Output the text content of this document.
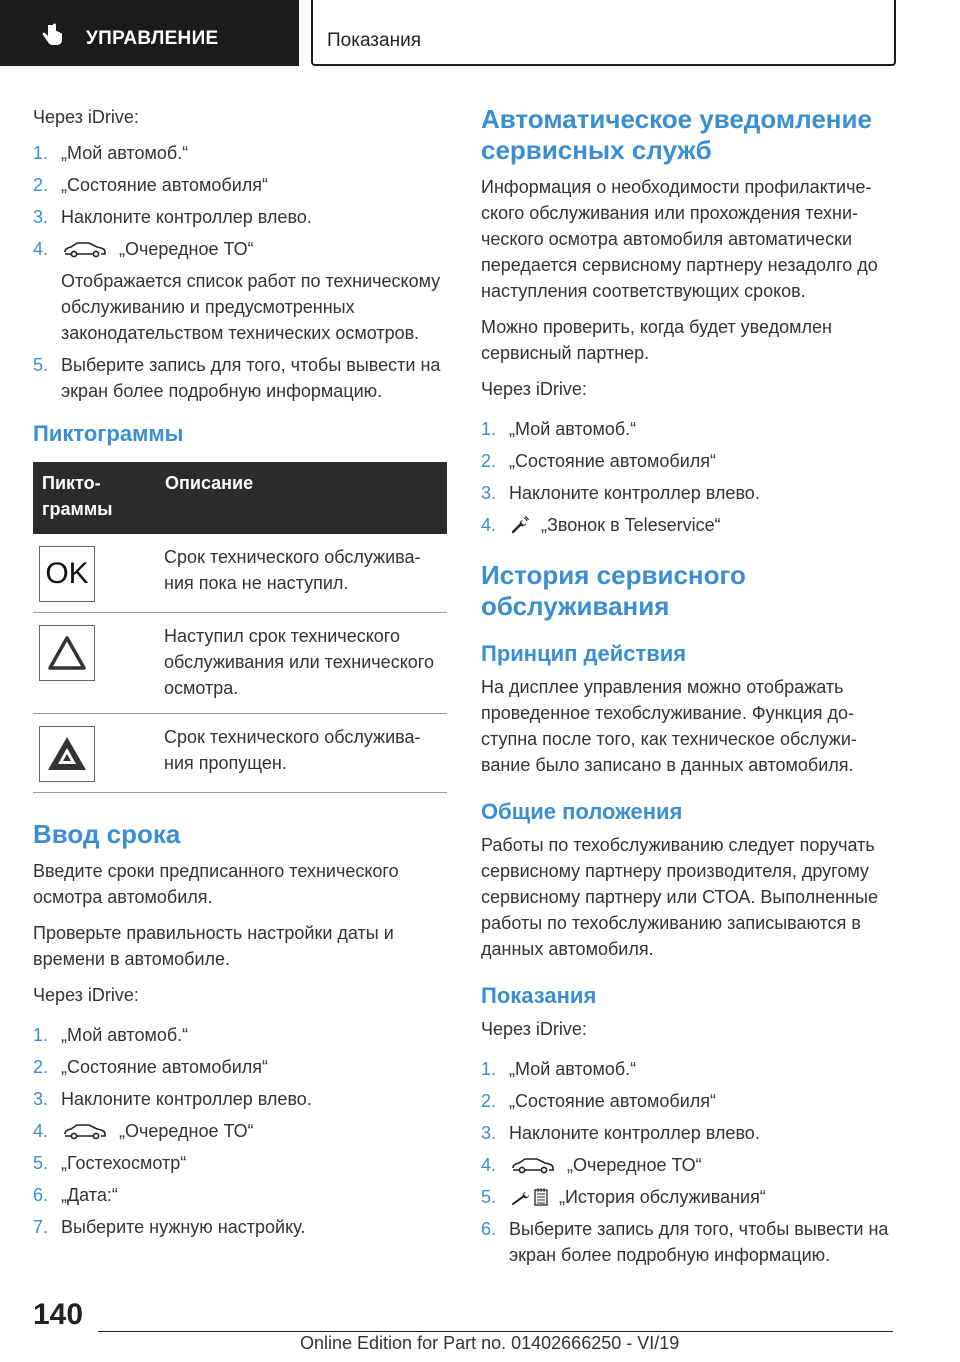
УПРАВЛЕНИЕ	Показания

Через iDrive:

1. „Мой автомоб.“
2. „Состояние автомобиля“
3. Наклоните контроллер влево.
4.	„Очередное ТО“
Отображается список работ по техническому обслуживанию и предусмотренных законодательством технических осмотров.
5. Выберите запись для того, чтобы вывести на экран более подробную информацию.
Пиктограммы
Пиктограммы	Описание

OK	Срок технического обслуживания пока не наступил.

	Наступил срок технического обслуживания или технического осмотра.

	Срок технического обслуживания пропущен.
Ввод срока

Введите сроки предписанного технического осмотра автомобиля.

Проверьте правильность настройки даты и времени в автомобиле.

Через iDrive:

1. „Мой автомоб.“
2. „Состояние автомобиля“
3. Наклоните контроллер влево.
4.	„Очередное ТО“
5. „Гостехосмотр“
6. „Дата:“
7. Выберите нужную настройку.
Автоматическое уведомление сервисных служб

Информация о необходимости профилактического обслуживания или прохождения технического осмотра автомобиля автоматически передается сервисному партнеру незадолго до наступления соответствующих сроков.

Можно проверить, когда будет уведомлен сервисный партнер.

Через iDrive:

1. „Мой автомоб.“
2. „Состояние автомобиля“
3. Наклоните контроллер влево.
4.	„Звонок в Teleservice“
История сервисного обслуживания
Принцип действия

На дисплее управления можно отображать проведенное техобслуживание. Функция доступна после того, как техническое обслуживание было записано в данных автомобиля.

Общие положения

Работы по техобслуживанию следует поручать сервисному партнеру производителя, другому сервисному партнеру или СТОА. Выполненные работы по техобслуживанию записываются в данных автомобиля.

Показания

Через iDrive:

1. „Мой автомоб.“
2. „Состояние автомобиля“
3. Наклоните контроллер влево.
4.	„Очередное ТО“
5.	„История обслуживания“
6. Выберите запись для того, чтобы вывести на экран более подробную информацию.
140
Online Edition for Part no. 01402666250 - VI/19
